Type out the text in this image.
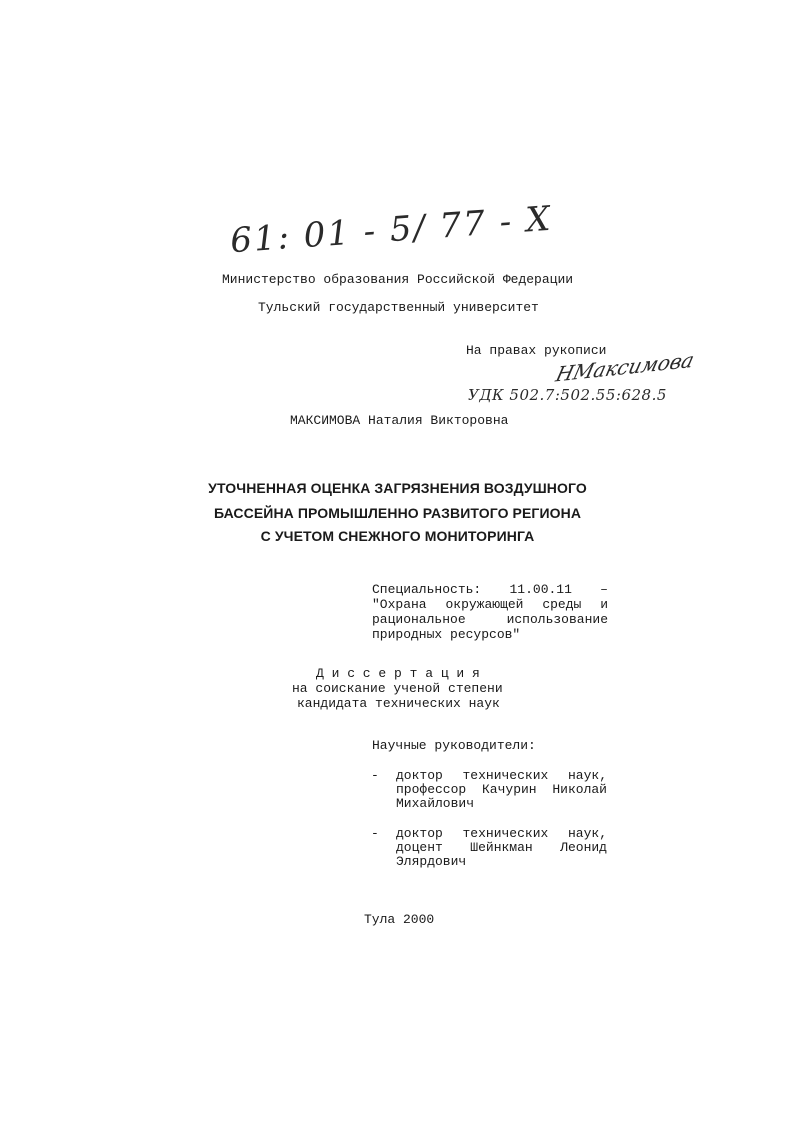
61: 01 - 5/ 77 - X
Министерство образования Российской Федерации
Тульский государственный университет
На правах рукописи
НМаксимова
УДК 502.7:502.55:628.5
МАКСИМОВА Наталия Викторовна
УТОЧНЕННАЯ ОЦЕНКА ЗАГРЯЗНЕНИЯ ВОЗДУШНОГО
БАССЕЙНА ПРОМЫШЛЕННО РАЗВИТОГО РЕГИОНА
С УЧЕТОМ СНЕЖНОГО МОНИТОРИНГА
Специальность: 11.00.11 –
"Охрана окружающей среды и
рациональное использование
природных ресурсов"
Д и с с е р т а ц и я
на соискание ученой степени
кандидата технических наук
Научные руководители:
- доктор технических наук,
профессор Качурин Николай
Михайлович
- доктор технических наук,
доцент Шейнкман Леонид
Элярдович
Тула 2000
